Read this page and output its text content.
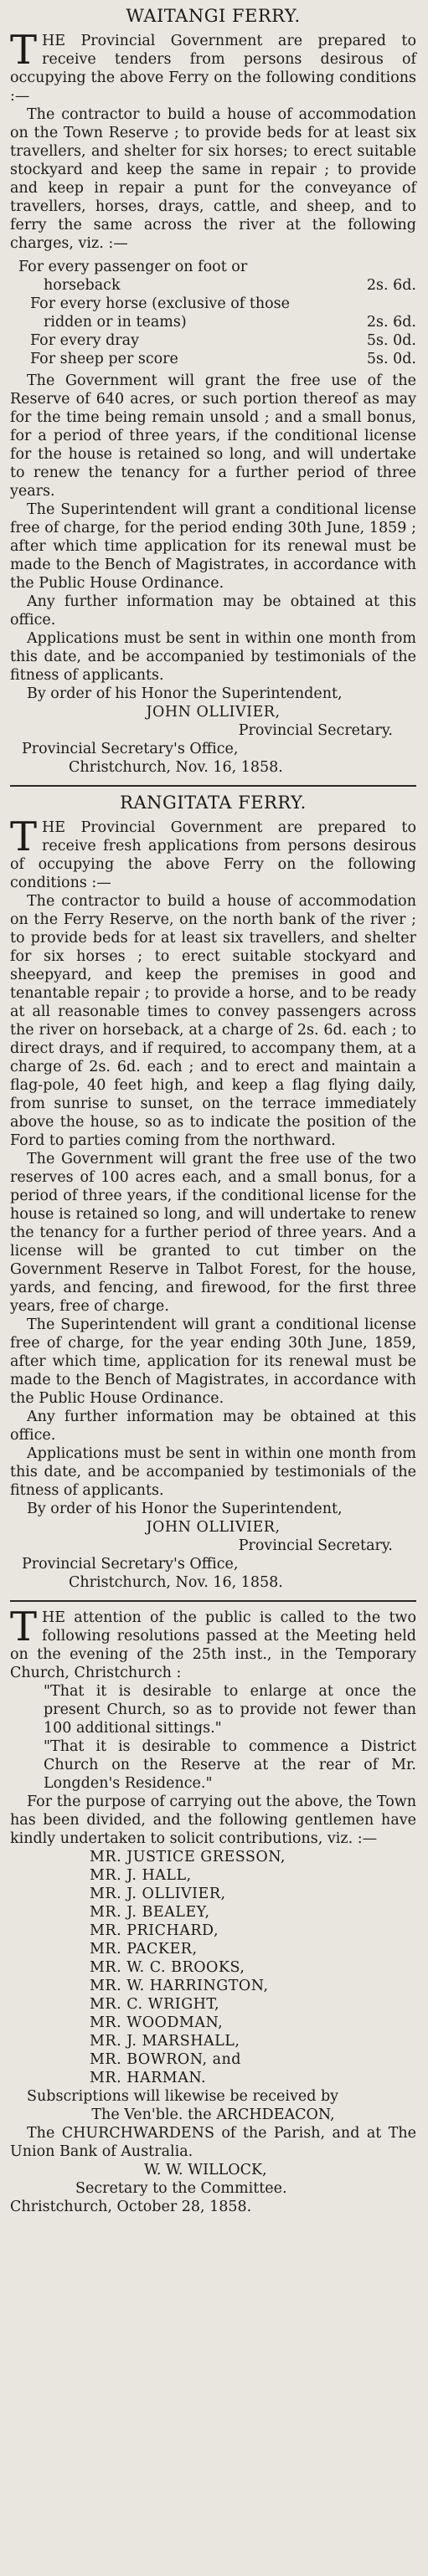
WAITANGI FERRY.

THE Provincial Government are prepared to receive tenders from persons desirous of occupying the above Ferry on the following conditions :—

The contractor to build a house of accommodation on the Town Reserve ; to provide beds for at least six travellers, and shelter for six horses; to erect suitable stockyard and keep the same in repair ; to provide and keep in repair a punt for the conveyance of travellers, horses, drays, cattle, and sheep, and to ferry the same across the river at the following charges, viz. :—

For every passenger on foot or
horseback	2s. 6d.
For every horse (exclusive of those
ridden or in teams)	2s. 6d.
For every dray	5s. 0d.
For sheep per score	5s. 0d.

The Government will grant the free use of the Reserve of 640 acres, or such portion thereof as may for the time being remain unsold ; and a small bonus, for a period of three years, if the conditional license for the house is retained so long, and will undertake to renew the tenancy for a further period of three years.

The Superintendent will grant a conditional license free of charge, for the period ending 30th June, 1859 ; after which time application for its renewal must be made to the Bench of Magistrates, in accordance with the Public House Ordinance.

Any further information may be obtained at this office.

Applications must be sent in within one month from this date, and be accompanied by testimonials of the fitness of applicants.

By order of his Honor the Superintendent,
JOHN OLLIVIER,
Provincial Secretary.
Provincial Secretary's Office,
Christchurch, Nov. 16, 1858.
RANGITATA FERRY.

THE Provincial Government are prepared to receive fresh applications from persons desirous of occupying the above Ferry on the following conditions :—

The contractor to build a house of accommodation on the Ferry Reserve, on the north bank of the river ; to provide beds for at least six travellers, and shelter for six horses ; to erect suitable stockyard and sheepyard, and keep the premises in good and tenantable repair ; to provide a horse, and to be ready at all reasonable times to convey passengers across the river on horseback, at a charge of 2s. 6d. each ; to direct drays, and if required, to accompany them, at a charge of 2s. 6d. each ; and to erect and maintain a flag-pole, 40 feet high, and keep a flag flying daily, from sunrise to sunset, on the terrace immediately above the house, so as to indicate the position of the Ford to parties coming from the northward.

The Government will grant the free use of the two reserves of 100 acres each, and a small bonus, for a period of three years, if the conditional license for the house is retained so long, and will undertake to renew the tenancy for a further period of three years. And a license will be granted to cut timber on the Government Reserve in Talbot Forest, for the house, yards, and fencing, and firewood, for the first three years, free of charge.

The Superintendent will grant a conditional license free of charge, for the year ending 30th June, 1859, after which time, application for its renewal must be made to the Bench of Magistrates, in accordance with the Public House Ordinance.

Any further information may be obtained at this office.

Applications must be sent in within one month from this date, and be accompanied by testimonials of the fitness of applicants.

By order of his Honor the Superintendent,
JOHN OLLIVIER,
Provincial Secretary.
Provincial Secretary's Office,
Christchurch, Nov. 16, 1858.

THE attention of the public is called to the two following resolutions passed at the Meeting held on the evening of the 25th inst., in the Temporary Church, Christchurch :

"That it is desirable to enlarge at once the present Church, so as to provide not fewer than 100 additional sittings."
"That it is desirable to commence a District Church on the Reserve at the rear of Mr. Longden's Residence."

For the purpose of carrying out the above, the Town has been divided, and the following gentlemen have kindly undertaken to solicit contributions, viz. :—

MR. JUSTICE GRESSON,
MR. J. HALL,
MR. J. OLLIVIER,
MR. J. BEALEY,
MR. PRICHARD,
MR. PACKER,
MR. W. C. BROOKS,
MR. W. HARRINGTON,
MR. C. WRIGHT,
MR. WOODMAN,
MR. J. MARSHALL,
MR. BOWRON, and
MR. HARMAN.

Subscriptions will likewise be received by

The Ven'ble. the ARCHDEACON,

The CHURCHWARDENS of the Parish, and at The Union Bank of Australia.

W. W. WILLOCK,
Secretary to the Committee.
Christchurch, October 28, 1858.
